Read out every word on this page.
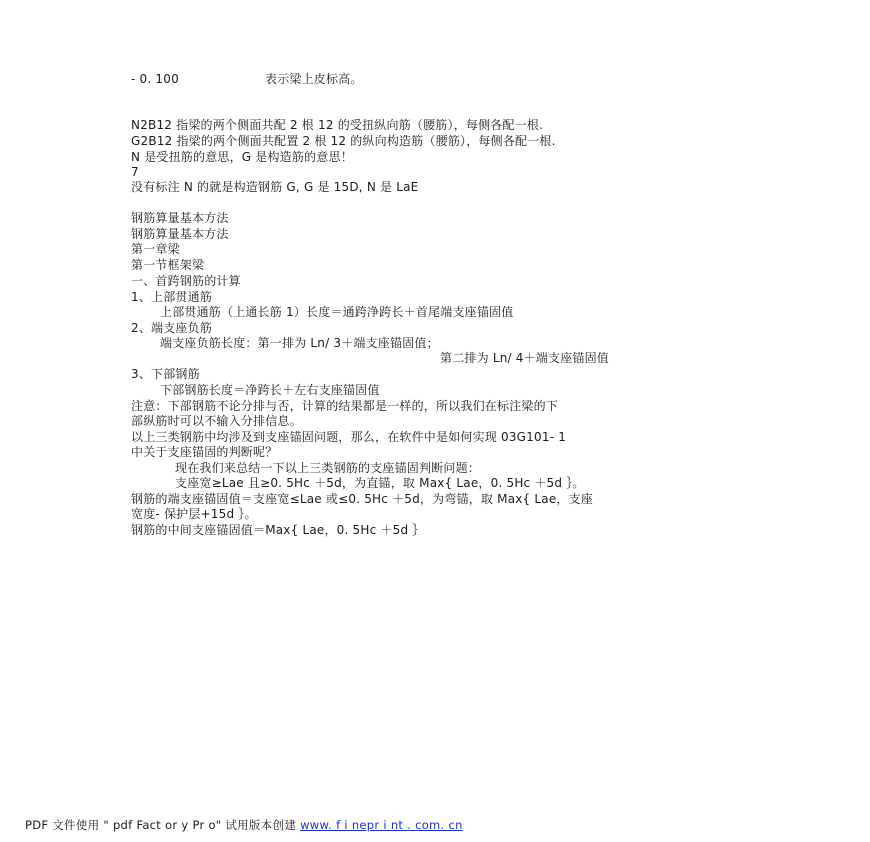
- 0. 100	表示梁上皮标高。
N2B12 指梁的两个侧面共配 2 根 12 的受扭纵向筋（腰筋），每侧各配一根.
G2B12 指梁的两个侧面共配置 2 根 12 的纵向构造筋（腰筋），每侧各配一根.
N 是受扭筋的意思，G 是构造筋的意思！
7
没有标注 N 的就是构造钢筋 G, G 是 15D, N 是 LaE
钢筋算量基本方法
钢筋算量基本方法
第一章梁
第一节框架梁
一、首跨钢筋的计算
1、上部贯通筋
上部贯通筋（上通长筋 1）长度＝通跨净跨长＋首尾端支座锚固值
2、端支座负筋
端支座负筋长度：第一排为 Ln/ 3＋端支座锚固值；
第二排为 Ln/ 4＋端支座锚固值
3、下部钢筋
下部钢筋长度＝净跨长＋左右支座锚固值
注意：下部钢筋不论分排与否，计算的结果都是一样的，所以我们在标注梁的下
部纵筋时可以不输入分排信息。
以上三类钢筋中均涉及到支座锚固问题，那么，在软件中是如何实现 03G101- 1
中关于支座锚固的判断呢？
现在我们来总结一下以上三类钢筋的支座锚固判断问题：
支座宽≥Lae 且≥0. 5Hc ＋5d，为直锚，取 Max{ Lae，0. 5Hc ＋5d ｝。
钢筋的端支座锚固值＝支座宽≤Lae 或≤0. 5Hc ＋5d，为弯锚，取 Max{ Lae，支座
宽度- 保护层+15d ｝。
钢筋的中间支座锚固值＝Max{ Lae，0. 5Hc ＋5d ｝
PDF 文件使用 " pdf Fact or y Pr o" 试用版本创建 www. f i nepr i nt . com. cn
